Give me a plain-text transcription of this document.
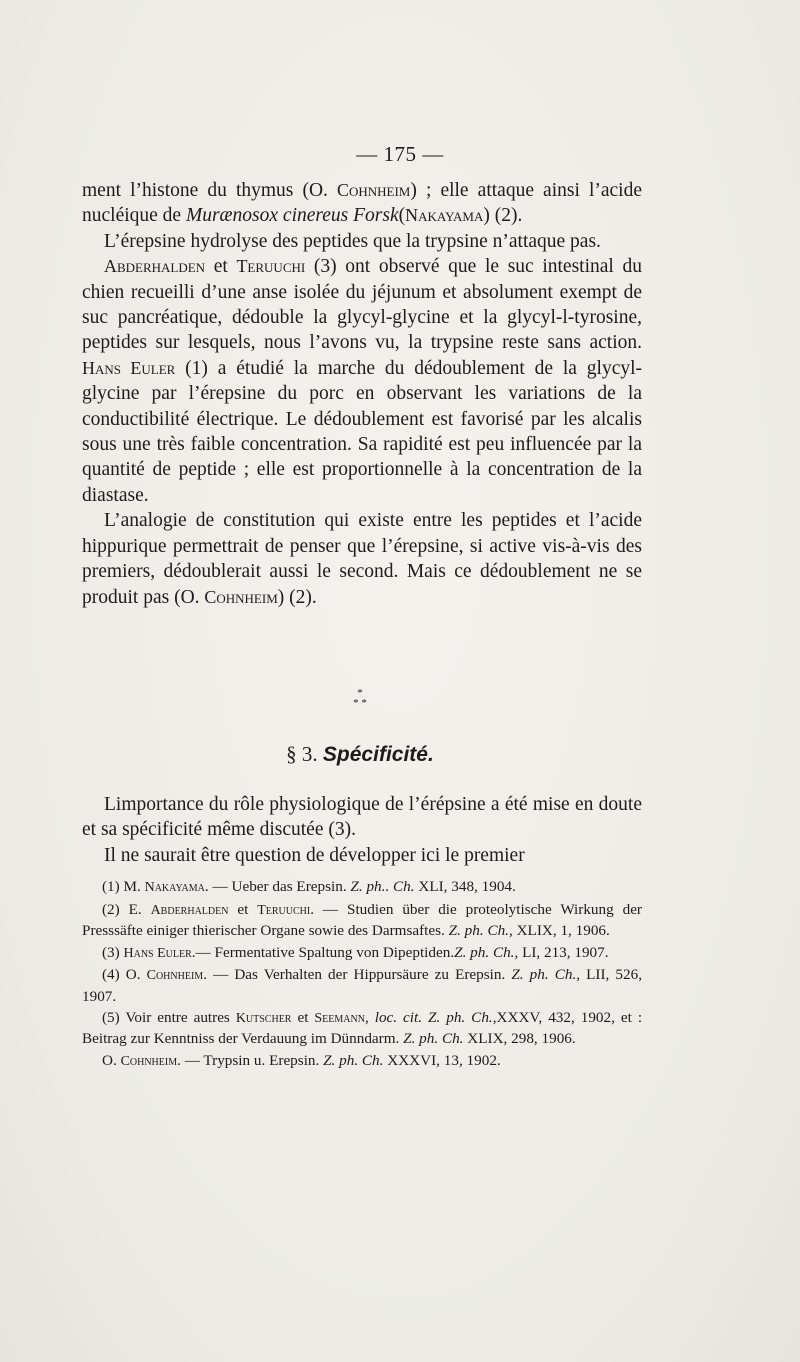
— 175 —

ment l’histone du thymus (O. Cohnheim) ; elle attaque ainsi l’acide nucléique de Murænosox cinereus Forsk(Nakayama) (2).

L’érepsine hydrolyse des peptides que la trypsine n’attaque pas.

Abderhalden et Teruuchi (3) ont observé que le suc intestinal du chien recueilli d’une anse isolée du jéjunum et absolument exempt de suc pancréatique, dédouble la glycyl-glycine et la glycyl-l-tyrosine, peptides sur lesquels, nous l’avons vu, la trypsine reste sans action. Hans Euler (1) a étudié la marche du dédoublement de la glycyl-glycine par l’érepsine du porc en observant les variations de la conductibilité électrique. Le dédoublement est favorisé par les alcalis sous une très faible concentration. Sa rapidité est peu influencée par la quantité de peptide ; elle est proportionnelle à la concentration de la diastase.

L’analogie de constitution qui existe entre les peptides et l’acide hippurique permettrait de penser que l’érepsine, si active vis-à-vis des premiers, dédoublerait aussi le second. Mais ce dédoublement ne se produit pas (O. Cohnheim) (2).

*
* *
§ 3. Spécificité.

Limportance du rôle physiologique de l’érépsine a été mise en doute et sa spécificité même discutée (3).

Il ne saurait être question de développer ici le premier

(1) M. Nakayama. — Ueber das Erepsin. Z. ph.. Ch. XLI, 348, 1904.

(2) E. Abderhalden et Teruuchi. — Studien über die proteolytische Wirkung der Presssäfte einiger thierischer Organe sowie des Darmsaftes. Z. ph. Ch., XLIX, 1, 1906.

(3) Hans Euler.— Fermentative Spaltung von Dipeptiden.Z. ph. Ch., LI, 213, 1907.

(4) O. Cohnheim. — Das Verhalten der Hippursäure zu Erepsin. Z. ph. Ch., LII, 526, 1907.

(5) Voir entre autres Kutscher et Seemann, loc. cit. Z. ph. Ch.,XXXV, 432, 1902, et : Beitrag zur Kenntniss der Verdauung im Dünndarm. Z. ph. Ch. XLIX, 298, 1906.

O. Cohnheim. — Trypsin u. Erepsin. Z. ph. Ch. XXXVI, 13, 1902.
